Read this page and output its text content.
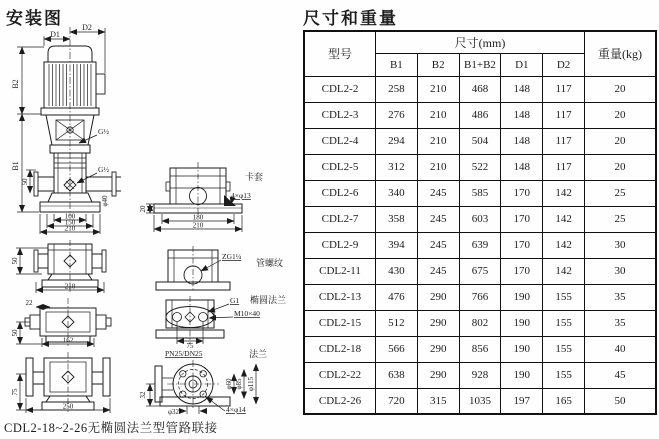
安装图	尺寸和重量
D1
D2
B2
B1
G½
G½
50
100
150
210
φ40
50
210
22
50
162
75
250
卡套
4×φ13
20
180
210
ZG1¼
管螺纹
G1 椭圆法兰
M10×40
75
PN25/DN25	法兰
φ60 φ85 φ115
32
φ32	4×φ14
CDL2-18~2-26无椭圆法兰型管路联接
型号	尺寸(mm)					重量(kg)
	B1	B2	B1+B2	D1	D2	
CDL2-2	258	210	468	148	117	20
CDL2-3	276	210	486	148	117	20
CDL2-4	294	210	504	148	117	20
CDL2-5	312	210	522	148	117	20
CDL2-6	340	245	585	170	142	25
CDL2-7	358	245	603	170	142	25
CDL2-9	394	245	639	170	142	30
CDL2-11	430	245	675	170	142	30
CDL2-13	476	290	766	190	155	35
CDL2-15	512	290	802	190	155	35
CDL2-18	566	290	856	190	155	40
CDL2-22	638	290	928	190	155	45
CDL2-26	720	315	1035	197	165	50
